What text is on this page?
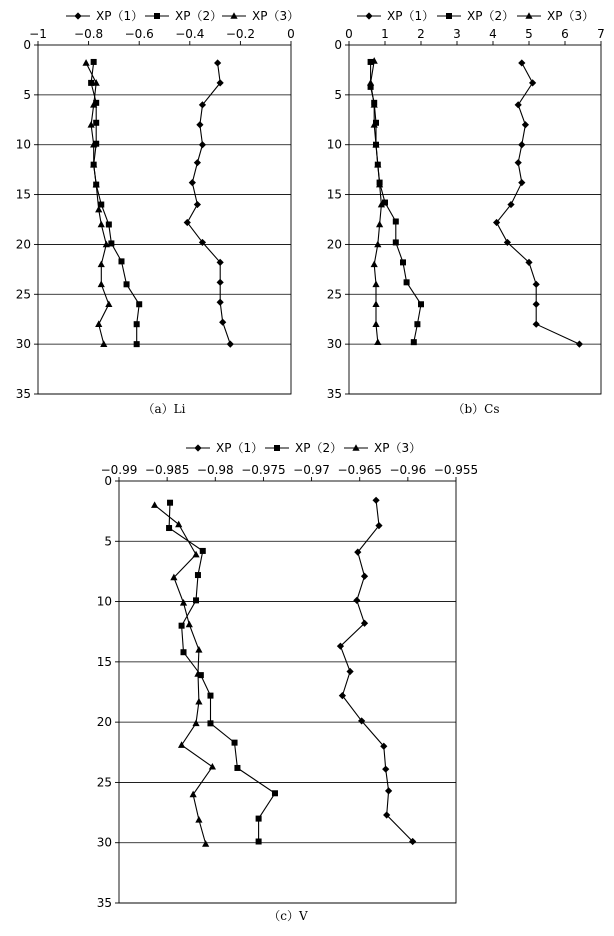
−1 −0.8 −0.6 −0.4 −0.2	0
0
5
10
15
20
25
30
35
XP（1）	XP（2） XP（3）
（a）Li
0 1 2 3 4 5 6 7
0
5
10
15
20
25
30
35
XP（1）	XP（2）	XP（3）
（b）Cs
−0.99 −0.985 −0.98 −0.975 −0.97 −0.965 −0.96 −0.955
0
5
10
15
20
25
30
35
XP（1）	XP（2）	XP（3）
（c）V
